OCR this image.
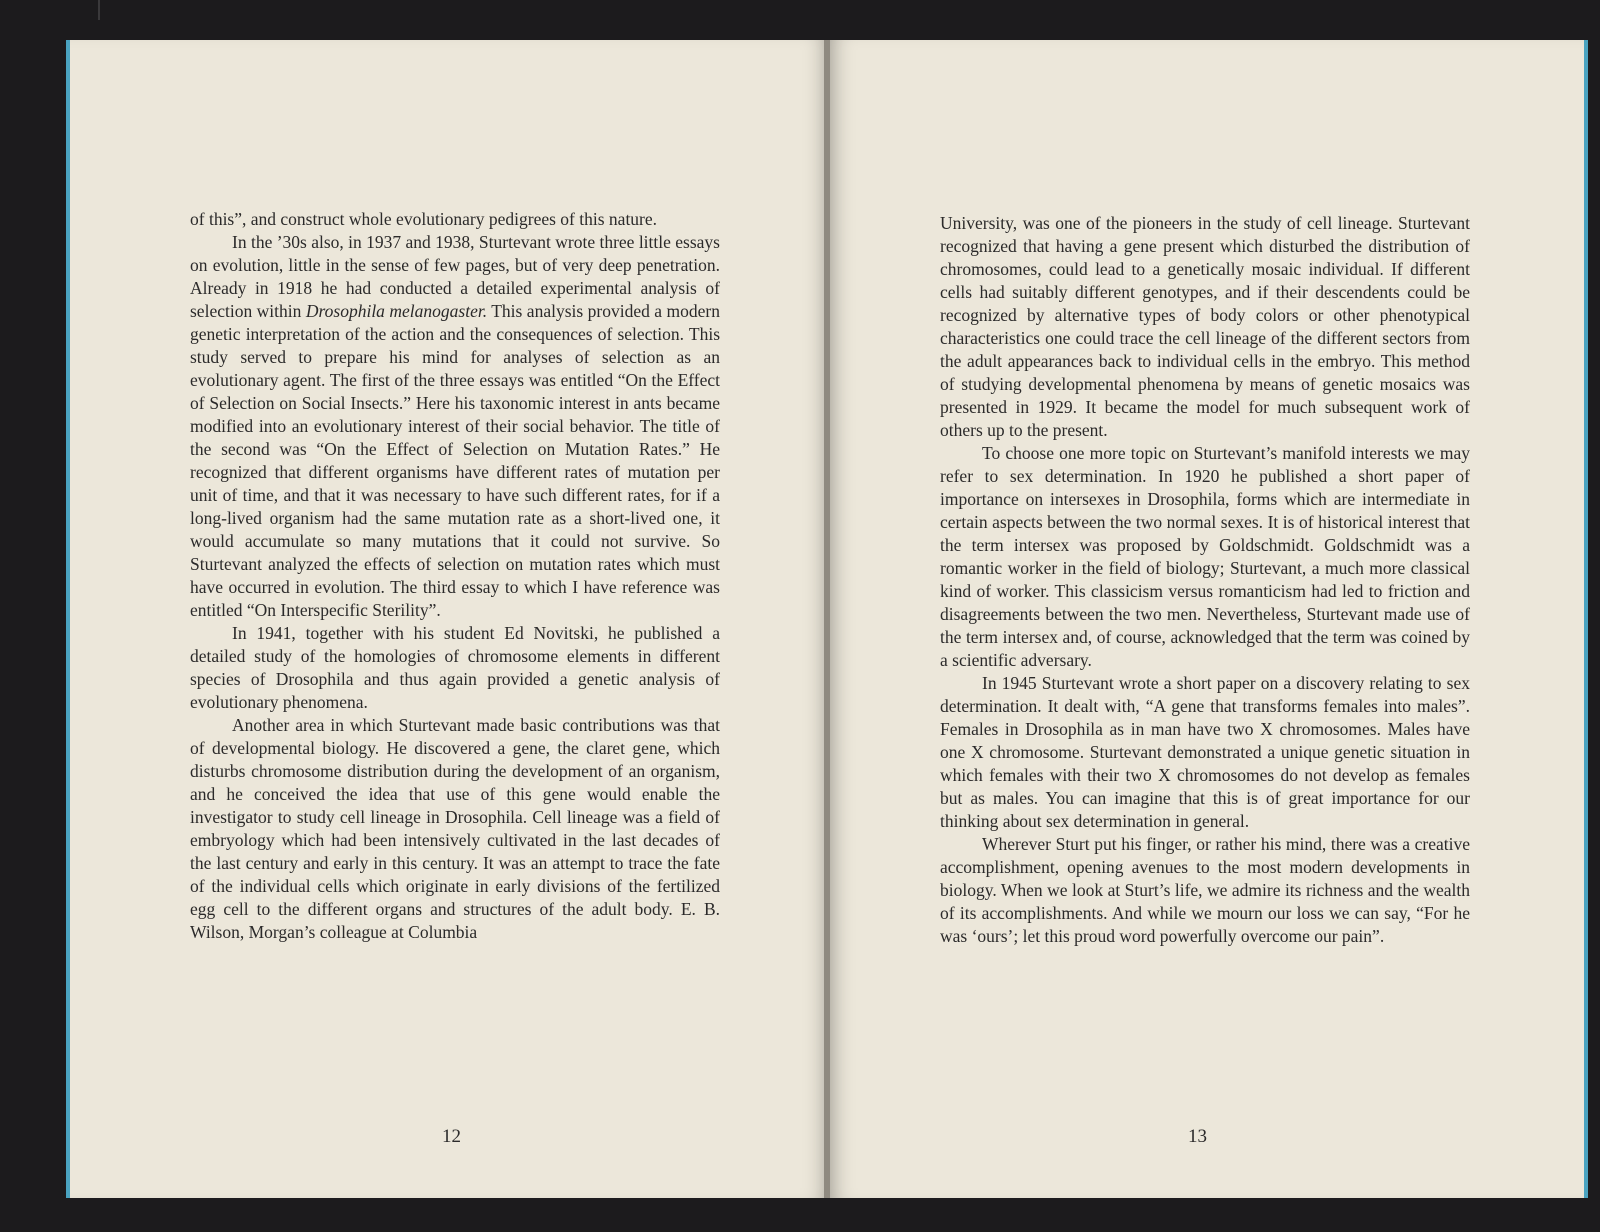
of this”, and construct whole evolutionary pedigrees of this nature.

In the ’30s also, in 1937 and 1938, Sturtevant wrote three little essays on evolution, little in the sense of few pages, but of very deep penetration. Already in 1918 he had conducted a detailed experimental analysis of selection within Drosophila melanogaster. This analysis provided a modern genetic interpretation of the action and the consequences of selection. This study served to prepare his mind for analyses of selection as an evolutionary agent. The first of the three essays was entitled “On the Effect of Selection on Social Insects.” Here his taxonomic interest in ants became modified into an evolutionary interest of their social behavior. The title of the second was “On the Effect of Selection on Mutation Rates.” He recognized that different organisms have different rates of mutation per unit of time, and that it was necessary to have such different rates, for if a long-lived organism had the same mutation rate as a short-lived one, it would accumulate so many mutations that it could not survive. So Sturtevant analyzed the effects of selection on mutation rates which must have occurred in evolution. The third essay to which I have reference was entitled “On Interspecific Sterility”.

In 1941, together with his student Ed Novitski, he published a detailed study of the homologies of chromosome elements in different species of Drosophila and thus again provided a genetic analysis of evolutionary phenomena.

Another area in which Sturtevant made basic contributions was that of developmental biology. He discovered a gene, the claret gene, which disturbs chromosome distribution during the development of an organism, and he conceived the idea that use of this gene would enable the investigator to study cell lineage in Drosophila. Cell lineage was a field of embryology which had been intensively cultivated in the last decades of the last century and early in this century. It was an attempt to trace the fate of the individual cells which originate in early divisions of the fertilized egg cell to the different organs and structures of the adult body. E. B. Wilson, Morgan’s colleague at Columbia

12

University, was one of the pioneers in the study of cell lineage. Sturtevant recognized that having a gene present which disturbed the distribution of chromosomes, could lead to a genetically mosaic individual. If different cells had suitably different genotypes, and if their descendents could be recognized by alternative types of body colors or other phenotypical characteristics one could trace the cell lineage of the different sectors from the adult appearances back to individual cells in the embryo. This method of studying developmental phenomena by means of genetic mosaics was presented in 1929. It became the model for much subsequent work of others up to the present.

To choose one more topic on Sturtevant’s manifold interests we may refer to sex determination. In 1920 he published a short paper of importance on intersexes in Drosophila, forms which are intermediate in certain aspects between the two normal sexes. It is of historical interest that the term intersex was proposed by Goldschmidt. Goldschmidt was a romantic worker in the field of biology; Sturtevant, a much more classical kind of worker. This classicism versus romanticism had led to friction and disagreements between the two men. Nevertheless, Sturtevant made use of the term intersex and, of course, acknowledged that the term was coined by a scientific adversary.

In 1945 Sturtevant wrote a short paper on a discovery relating to sex determination. It dealt with, “A gene that transforms females into males”. Females in Drosophila as in man have two X chromosomes. Males have one X chromosome. Sturtevant demonstrated a unique genetic situation in which females with their two X chromosomes do not develop as females but as males. You can imagine that this is of great importance for our thinking about sex determination in general.

Wherever Sturt put his finger, or rather his mind, there was a creative accomplishment, opening avenues to the most modern developments in biology. When we look at Sturt’s life, we admire its richness and the wealth of its accomplishments. And while we mourn our loss we can say, “For he was ‘ours’; let this proud word powerfully overcome our pain”.

13
